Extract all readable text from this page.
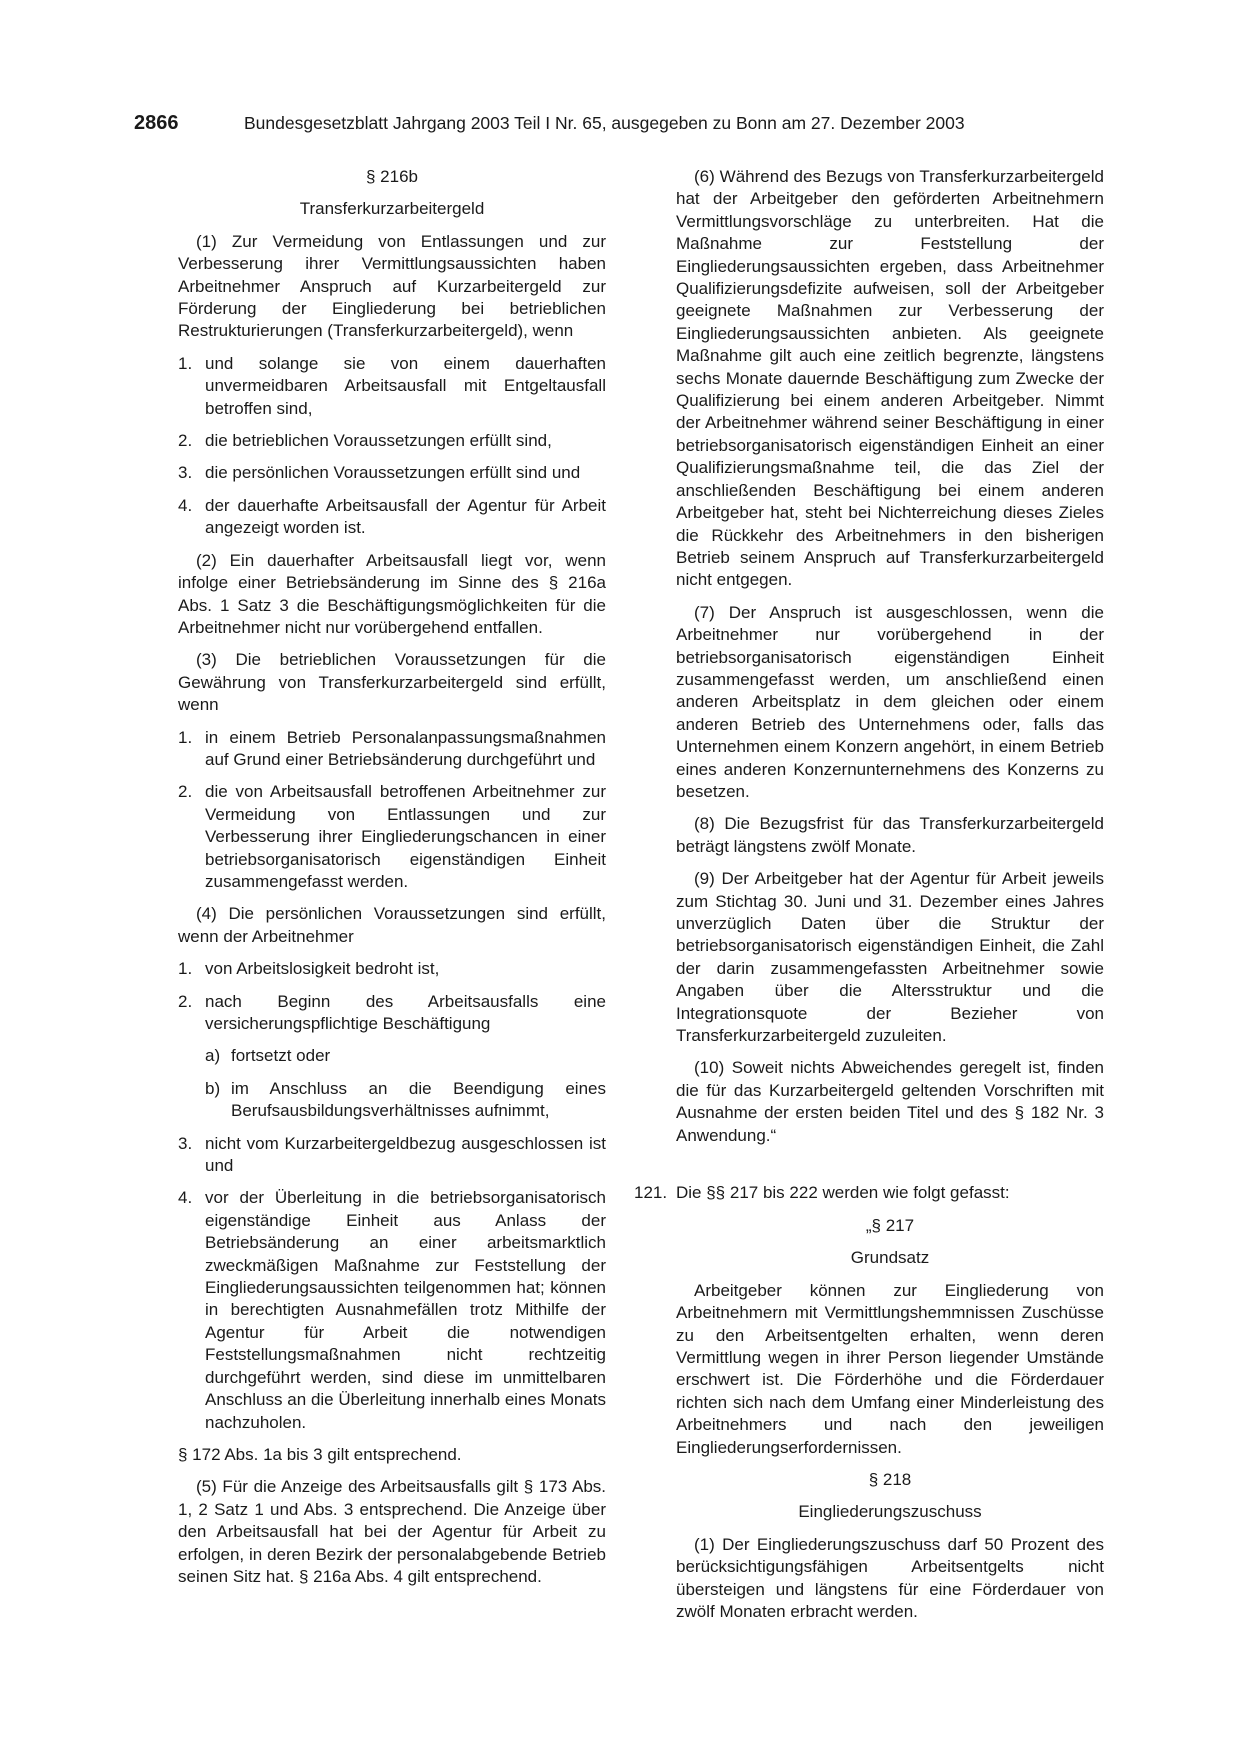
2866	Bundesgesetzblatt Jahrgang 2003 Teil I Nr. 65, ausgegeben zu Bonn am 27. Dezember 2003

§ 216b

Transferkurzarbeitergeld

(1) Zur Vermeidung von Entlassungen und zur Verbesserung ihrer Vermittlungsaussichten haben Arbeitnehmer Anspruch auf Kurzarbeitergeld zur Förderung der Eingliederung bei betrieblichen Restrukturierungen (Transferkurzarbeitergeld), wenn

1. und solange sie von einem dauerhaften unvermeidbaren Arbeitsausfall mit Entgeltausfall betroffen sind,
2. die betrieblichen Voraussetzungen erfüllt sind,
3. die persönlichen Voraussetzungen erfüllt sind und
4. der dauerhafte Arbeitsausfall der Agentur für Arbeit angezeigt worden ist.

(2) Ein dauerhafter Arbeitsausfall liegt vor, wenn infolge einer Betriebsänderung im Sinne des § 216a Abs. 1 Satz 3 die Beschäftigungsmöglichkeiten für die Arbeitnehmer nicht nur vorübergehend entfallen.

(3) Die betrieblichen Voraussetzungen für die Gewährung von Transferkurzarbeitergeld sind erfüllt, wenn

1. in einem Betrieb Personalanpassungsmaßnahmen auf Grund einer Betriebsänderung durchgeführt und
2. die von Arbeitsausfall betroffenen Arbeitnehmer zur Vermeidung von Entlassungen und zur Verbesserung ihrer Eingliederungschancen in einer betriebsorganisatorisch eigenständigen Einheit zusammengefasst werden.

(4) Die persönlichen Voraussetzungen sind erfüllt, wenn der Arbeitnehmer

1. von Arbeitslosigkeit bedroht ist,
2. nach Beginn des Arbeitsausfalls eine versicherungspflichtige Beschäftigung
a) fortsetzt oder
b) im Anschluss an die Beendigung eines Berufsausbildungsverhältnisses aufnimmt,
3. nicht vom Kurzarbeitergeldbezug ausgeschlossen ist und
4. vor der Überleitung in die betriebsorganisatorisch eigenständige Einheit aus Anlass der Betriebsänderung an einer arbeitsmarktlich zweckmäßigen Maßnahme zur Feststellung der Eingliederungsaussichten teilgenommen hat; können in berechtigten Ausnahmefällen trotz Mithilfe der Agentur für Arbeit die notwendigen Feststellungsmaßnahmen nicht rechtzeitig durchgeführt werden, sind diese im unmittelbaren Anschluss an die Überleitung innerhalb eines Monats nachzuholen.

§ 172 Abs. 1a bis 3 gilt entsprechend.

(5) Für die Anzeige des Arbeitsausfalls gilt § 173 Abs. 1, 2 Satz 1 und Abs. 3 entsprechend. Die Anzeige über den Arbeitsausfall hat bei der Agentur für Arbeit zu erfolgen, in deren Bezirk der personalabgebende Betrieb seinen Sitz hat. § 216a Abs. 4 gilt entsprechend.

(6) Während des Bezugs von Transferkurzarbeitergeld hat der Arbeitgeber den geförderten Arbeitnehmern Vermittlungsvorschläge zu unterbreiten. Hat die Maßnahme zur Feststellung der Eingliederungsaussichten ergeben, dass Arbeitnehmer Qualifizierungsdefizite aufweisen, soll der Arbeitgeber geeignete Maßnahmen zur Verbesserung der Eingliederungsaussichten anbieten. Als geeignete Maßnahme gilt auch eine zeitlich begrenzte, längstens sechs Monate dauernde Beschäftigung zum Zwecke der Qualifizierung bei einem anderen Arbeitgeber. Nimmt der Arbeitnehmer während seiner Beschäftigung in einer betriebsorganisatorisch eigenständigen Einheit an einer Qualifizierungsmaßnahme teil, die das Ziel der anschließenden Beschäftigung bei einem anderen Arbeitgeber hat, steht bei Nichterreichung dieses Zieles die Rückkehr des Arbeitnehmers in den bisherigen Betrieb seinem Anspruch auf Transferkurzarbeitergeld nicht entgegen.

(7) Der Anspruch ist ausgeschlossen, wenn die Arbeitnehmer nur vorübergehend in der betriebsorganisatorisch eigenständigen Einheit zusammengefasst werden, um anschließend einen anderen Arbeitsplatz in dem gleichen oder einem anderen Betrieb des Unternehmens oder, falls das Unternehmen einem Konzern angehört, in einem Betrieb eines anderen Konzernunternehmens des Konzerns zu besetzen.

(8) Die Bezugsfrist für das Transferkurzarbeitergeld beträgt längstens zwölf Monate.

(9) Der Arbeitgeber hat der Agentur für Arbeit jeweils zum Stichtag 30. Juni und 31. Dezember eines Jahres unverzüglich Daten über die Struktur der betriebsorganisatorisch eigenständigen Einheit, die Zahl der darin zusammengefassten Arbeitnehmer sowie Angaben über die Altersstruktur und die Integrationsquote der Bezieher von Transferkurzarbeitergeld zuzuleiten.

(10) Soweit nichts Abweichendes geregelt ist, finden die für das Kurzarbeitergeld geltenden Vorschriften mit Ausnahme der ersten beiden Titel und des § 182 Nr. 3 Anwendung.“

121. Die §§ 217 bis 222 werden wie folgt gefasst:

„§ 217

Grundsatz

Arbeitgeber können zur Eingliederung von Arbeitnehmern mit Vermittlungshemmnissen Zuschüsse zu den Arbeitsentgelten erhalten, wenn deren Vermittlung wegen in ihrer Person liegender Umstände erschwert ist. Die Förderhöhe und die Förderdauer richten sich nach dem Umfang einer Minderleistung des Arbeitnehmers und nach den jeweiligen Eingliederungserfordernissen.

§ 218

Eingliederungszuschuss

(1) Der Eingliederungszuschuss darf 50 Prozent des berücksichtigungsfähigen Arbeitsentgelts nicht übersteigen und längstens für eine Förderdauer von zwölf Monaten erbracht werden.
